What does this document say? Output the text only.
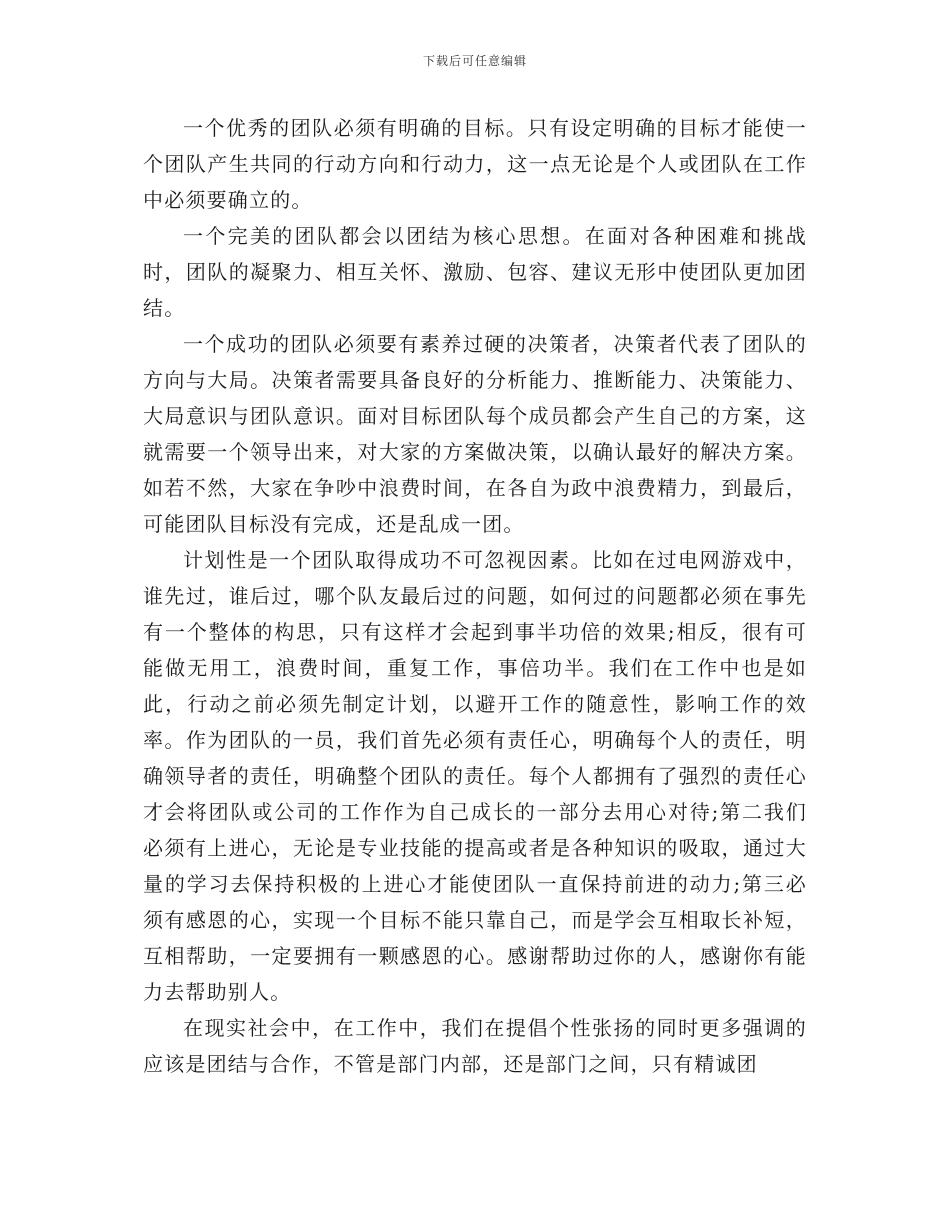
下载后可任意编辑

一个优秀的团队必须有明确的目标。只有设定明确的目标才能使一个团队产生共同的行动方向和行动力，这一点无论是个人或团队在工作中必须要确立的。

一个完美的团队都会以团结为核心思想。在面对各种困难和挑战时，团队的凝聚力、相互关怀、激励、包容、建议无形中使团队更加团结。

一个成功的团队必须要有素养过硬的决策者，决策者代表了团队的方向与大局。决策者需要具备良好的分析能力、推断能力、决策能力、大局意识与团队意识。面对目标团队每个成员都会产生自己的方案，这就需要一个领导出来，对大家的方案做决策，以确认最好的解决方案。如若不然，大家在争吵中浪费时间，在各自为政中浪费精力，到最后，可能团队目标没有完成，还是乱成一团。

计划性是一个团队取得成功不可忽视因素。比如在过电网游戏中，谁先过，谁后过，哪个队友最后过的问题，如何过的问题都必须在事先有一个整体的构思，只有这样才会起到事半功倍的效果;相反，很有可能做无用工，浪费时间，重复工作，事倍功半。我们在工作中也是如此，行动之前必须先制定计划，以避开工作的随意性，影响工作的效率。作为团队的一员，我们首先必须有责任心，明确每个人的责任，明确领导者的责任，明确整个团队的责任。每个人都拥有了强烈的责任心才会将团队或公司的工作作为自己成长的一部分去用心对待;第二我们必须有上进心，无论是专业技能的提高或者是各种知识的吸取，通过大量的学习去保持积极的上进心才能使团队一直保持前进的动力;第三必须有感恩的心，实现一个目标不能只靠自己，而是学会互相取长补短，互相帮助，一定要拥有一颗感恩的心。感谢帮助过你的人，感谢你有能力去帮助别人。

在现实社会中，在工作中，我们在提倡个性张扬的同时更多强调的应该是团结与合作，不管是部门内部，还是部门之间，只有精诚团
